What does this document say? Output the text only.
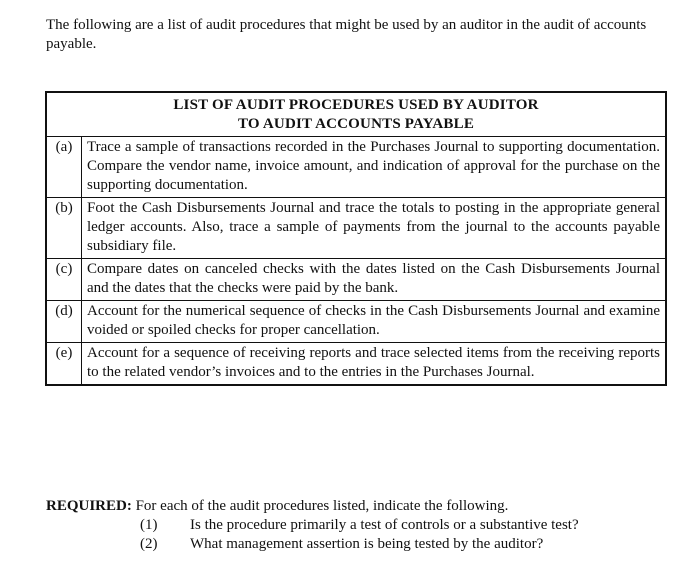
The following are a list of audit procedures that might be used by an auditor in the audit of accounts payable.
LIST OF AUDIT PROCEDURES USED BY AUDITOR
TO AUDIT ACCOUNTS PAYABLE	

(a)	Trace a sample of transactions recorded in the Purchases Journal to supporting documentation. Compare the vendor name, invoice amount, and indication of approval for the purchase on the supporting documentation.
(b)	Foot the Cash Disbursements Journal and trace the totals to posting in the appropriate general ledger accounts. Also, trace a sample of payments from the journal to the accounts payable subsidiary file.
(c)	Compare dates on canceled checks with the dates listed on the Cash Disbursements Journal and the dates that the checks were paid by the bank.
(d)	Account for the numerical sequence of checks in the Cash Disbursements Journal and examine voided or spoiled checks for proper cancellation.
(e)	Account for a sequence of receiving reports and trace selected items from the receiving reports to the related vendor’s invoices and to the entries in the Purchases Journal.
REQUIRED: For each of the audit procedures listed, indicate the following.
(1)	Is the procedure primarily a test of controls or a substantive test?
(2)	What management assertion is being tested by the auditor?
